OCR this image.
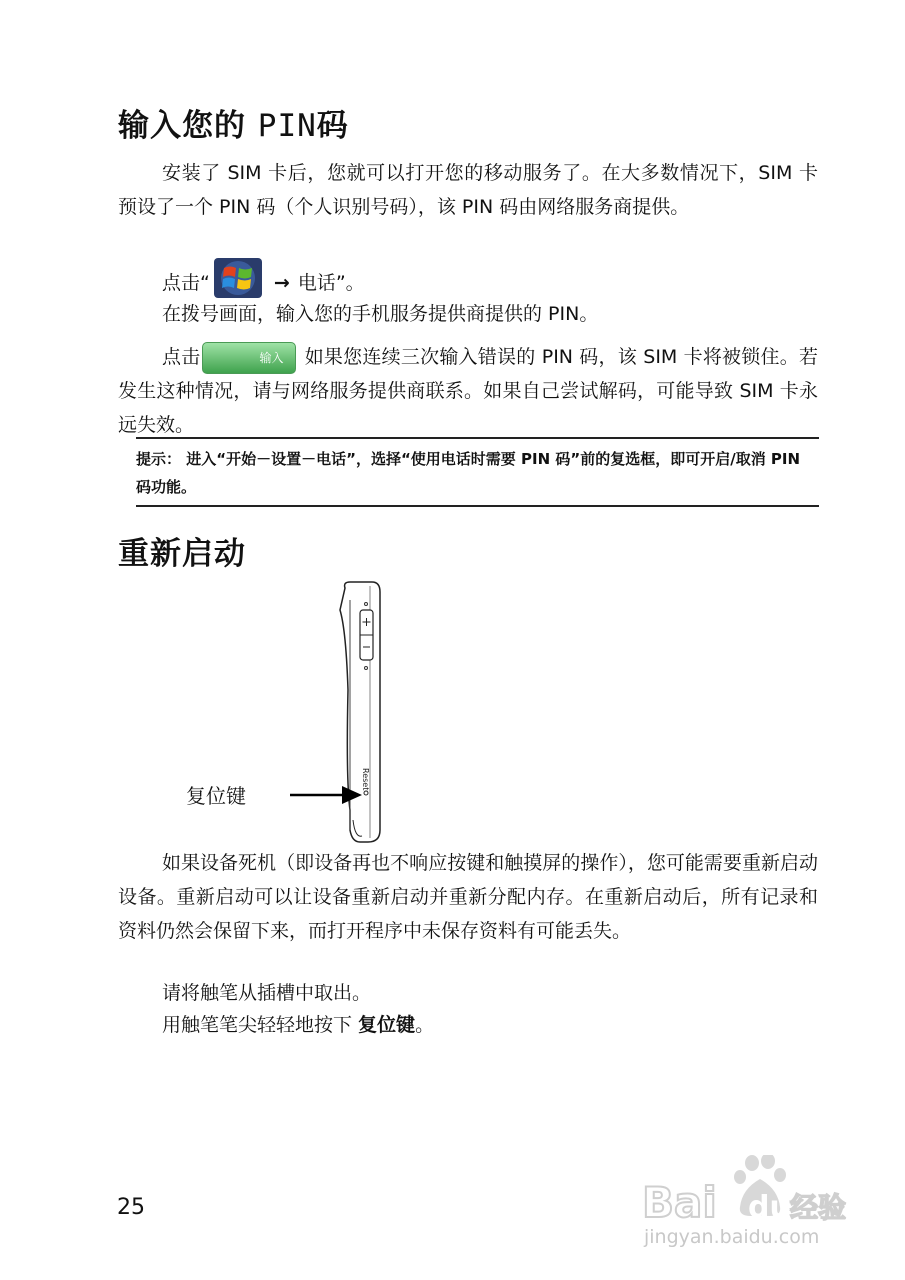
输入您的 PIN码

安装了 SIM 卡后，您就可以打开您的移动服务了。在大多数情况下，SIM 卡预设了一个 PIN 码（个人识别号码），该 PIN 码由网络服务商提供。

点击“	→ 电话”。
在拨号画面，输入您的手机服务提供商提供的 PIN。

点击	输入 如果您连续三次输入错误的 PIN 码，该 SIM 卡将被锁住。若发生这种情况，请与网络服务提供商联系。如果自己尝试解码，可能导致 SIM 卡永远失效。

提示： 进入“开始－设置－电话”，选择“使用电话时需要 PIN 码”前的复选框，即可开启/取消 PIN 码功能。
重新启动
Reset
复位键

如果设备死机（即设备再也不响应按键和触摸屏的操作），您可能需要重新启动设备。重新启动可以让设备重新启动并重新分配内存。在重新启动后，所有记录和资料仍然会保留下来，而打开程序中未保存资料有可能丢失。

请将触笔从插槽中取出。
用触笔笔尖轻轻地按下 复位键。
25	Bai du 经验
jingyan.baidu.com
